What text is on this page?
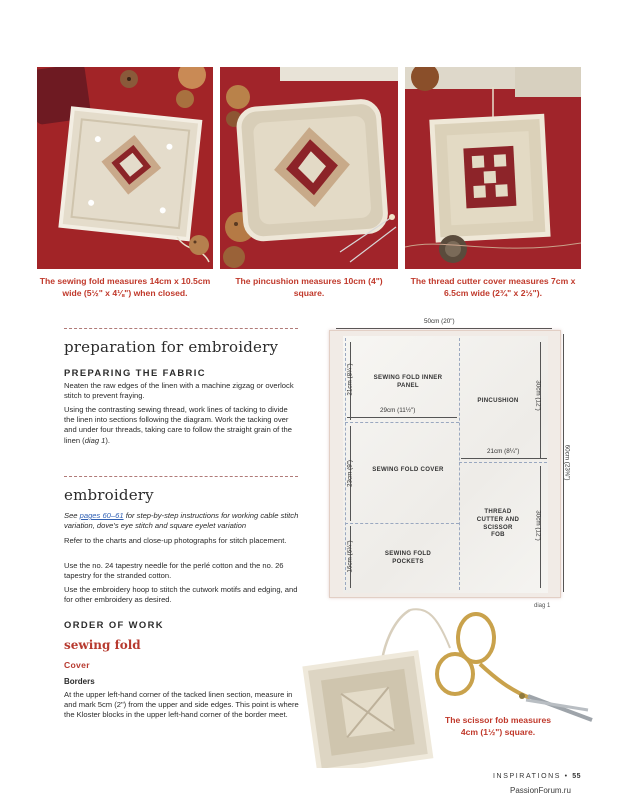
The sewing fold measures 14cm x 10.5cm wide (5½" x 4⅛") when closed.
The pincushion measures 10cm (4") square.
The thread cutter cover measures 7cm x 6.5cm wide (2¾" x 2½").
preparation for embroidery
PREPARING THE FABRIC

Neaten the raw edges of the linen with a machine zigzag or overlock stitch to prevent fraying.

Using the contrasting sewing thread, work lines of tacking to divide the linen into sections following the diagram. Work the tacking over and under four threads, taking care to follow the straight grain of the linen (diag 1).

embroidery

See pages 60–61 for step-by-step instructions for working cable stitch variation, dove's eye stitch and square eyelet variation

Refer to the charts and close-up photographs for stitch placement.

Use the no. 24 tapestry needle for the perlé cotton and the no. 26 tapestry for the stranded cotton.

Use the embroidery hoop to stitch the cutwork motifs and edging, and for other embroidery as desired.

ORDER OF WORK
sewing fold
Cover
Borders

At the upper left-hand corner of the tacked linen section, measure in and mark 5cm (2") from the upper and side edges. This point is where the Kloster blocks in the upper left-hand corner of the border meet.

50cm (20")
21cm (8¼")
23cm (9")
16cm (6¼")
29cm (11½")	30cm (12")
21cm (8¼")
30cm (12")
60cm (23⅝")
SEWING FOLD INNER PANEL
SEWING FOLD COVER
SEWING FOLD POCKETS
PINCUSHION
THREAD CUTTER AND SCISSOR FOB
diag 1
The scissor fob measures 4cm (1½") square.
INSPIRATIONS • 55
PassionForum.ru
